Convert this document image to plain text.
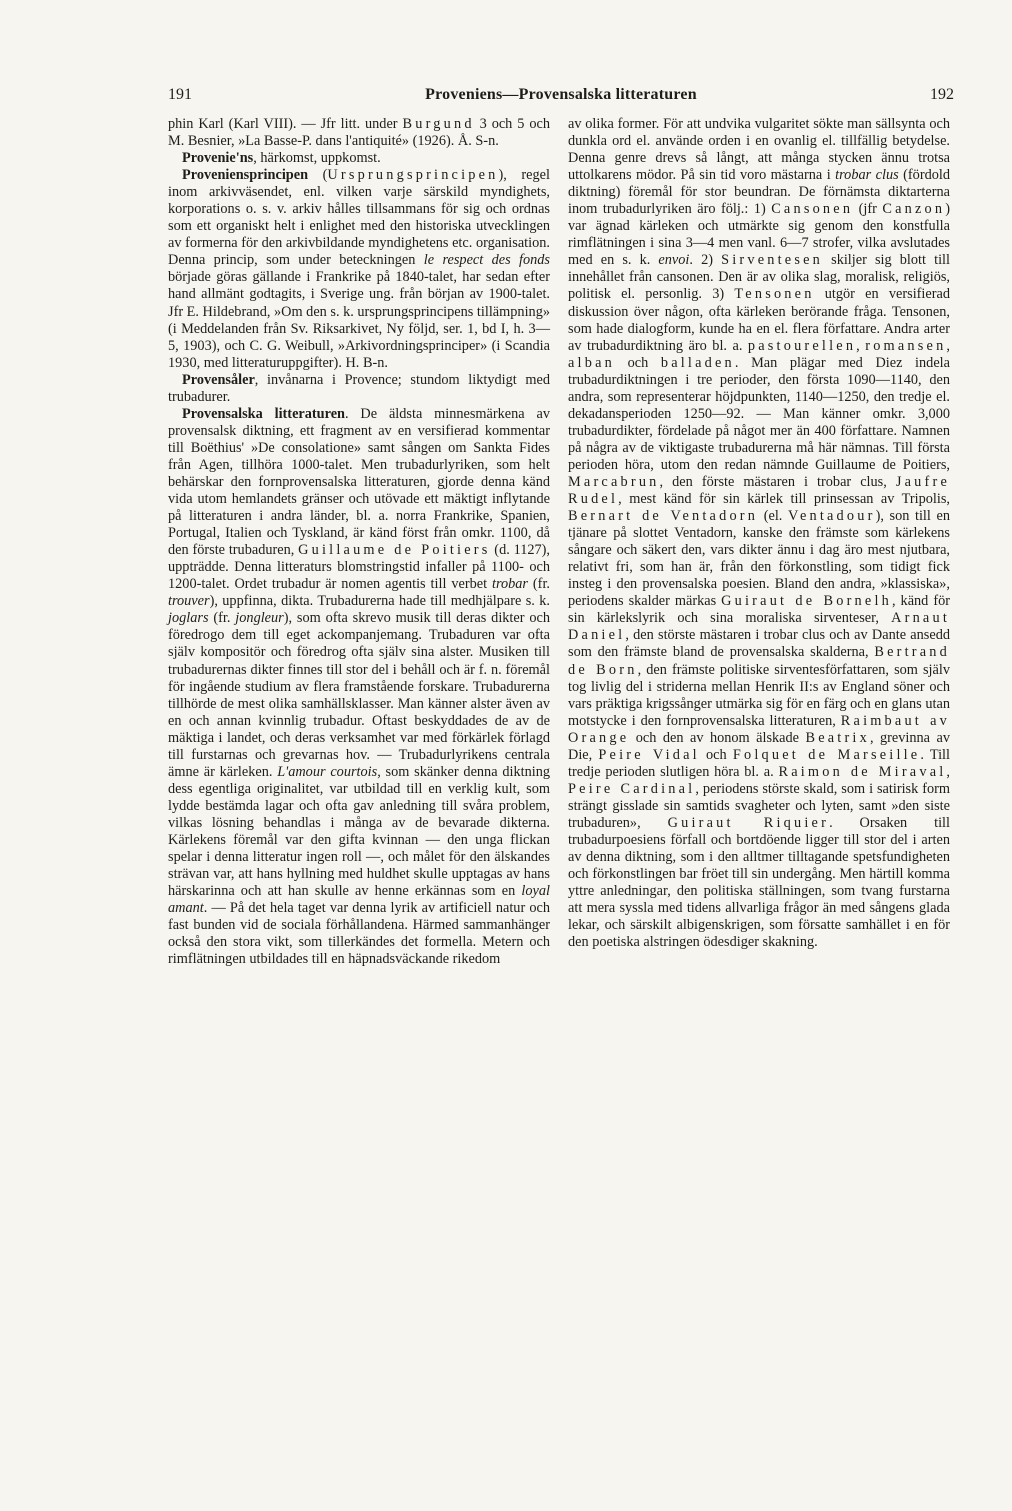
191	Proveniens—Provensalska litteraturen	192

phin Karl (Karl VIII). — Jfr litt. under Burgund 3 och 5 och M. Besnier, »La Basse-P. dans l'antiquité» (1926). Å. S-n.

Provenie'ns, härkomst, uppkomst.

Proveniensprincipen (Ursprungsprincipen), regel inom arkivväsendet, enl. vilken varje särskild myndighets, korporations o. s. v. arkiv hålles tillsammans för sig och ordnas som ett organiskt helt i enlighet med den historiska utvecklingen av formerna för den arkivbildande myndighetens etc. organisation. Denna princip, som under beteckningen le respect des fonds började göras gällande i Frankrike på 1840-talet, har sedan efter hand allmänt godtagits, i Sverige ung. från början av 1900-talet. Jfr E. Hildebrand, »Om den s. k. ursprungsprincipens tillämpning» (i Meddelanden från Sv. Riksarkivet, Ny följd, ser. 1, bd I, h. 3—5, 1903), och C. G. Weibull, »Arkivordningsprinciper» (i Scandia 1930, med litteraturuppgifter). H. B-n.

Provensåler, invånarna i Provence; stundom liktydigt med trubadurer.

Provensalska litteraturen. De äldsta minnesmärkena av provensalsk diktning, ett fragment av en versifierad kommentar till Boëthius' »De consolatione» samt sången om Sankta Fides från Agen, tillhöra 1000-talet. Men trubadurlyriken, som helt behärskar den fornprovensalska litteraturen, gjorde denna känd vida utom hemlandets gränser och utövade ett mäktigt inflytande på litteraturen i andra länder, bl. a. norra Frankrike, Spanien, Portugal, Italien och Tyskland, är känd först från omkr. 1100, då den förste trubaduren, Guillaume de Poitiers (d. 1127), uppträdde. Denna litteraturs blomstringstid infaller på 1100- och 1200-talet. Ordet trubadur är nomen agentis till verbet trobar (fr. trouver), uppfinna, dikta. Trubadurerna hade till medhjälpare s. k. joglars (fr. jongleur), som ofta skrevo musik till deras dikter och föredrogo dem till eget ackompanjemang. Trubaduren var ofta själv kompositör och föredrog ofta själv sina alster. Musiken till trubadurernas dikter finnes till stor del i behåll och är f. n. föremål för ingående studium av flera framstående forskare. Trubadurerna tillhörde de mest olika samhällsklasser. Man känner alster även av en och annan kvinnlig trubadur. Oftast beskyddades de av de mäktiga i landet, och deras verksamhet var med förkärlek förlagd till furstarnas och grevarnas hov. — Trubadurlyrikens centrala ämne är kärleken. L'amour courtois, som skänker denna diktning dess egentliga originalitet, var utbildad till en verklig kult, som lydde bestämda lagar och ofta gav anledning till svåra problem, vilkas lösning behandlas i många av de bevarade dikterna. Kärlekens föremål var den gifta kvinnan — den unga flickan spelar i denna litteratur ingen roll —, och målet för den älskandes strävan var, att hans hyllning med huldhet skulle upptagas av hans härskarinna och att han skulle av henne erkännas som en loyal amant. — På det hela taget var denna lyrik av artificiell natur och fast bunden vid de sociala förhållandena. Härmed sammanhänger också den stora vikt, som tillerkändes det formella. Metern och rimflätningen utbildades till en häpnadsväckande rikedom

av olika former. För att undvika vulgaritet sökte man sällsynta och dunkla ord el. använde orden i en ovanlig el. tillfällig betydelse. Denna genre drevs så långt, att många stycken ännu trotsa uttolkarens mödor. På sin tid voro mästarna i trobar clus (fördold diktning) föremål för stor beundran. De förnämsta diktarterna inom trubadurlyriken äro följ.: 1) Cansonen (jfr Canzon) var ägnad kärleken och utmärkte sig genom den konstfulla rimflätningen i sina 3—4 men vanl. 6—7 strofer, vilka avslutades med en s. k. envoi. 2) Sirventesen skiljer sig blott till innehållet från cansonen. Den är av olika slag, moralisk, religiös, politisk el. personlig. 3) Tensonen utgör en versifierad diskussion över någon, ofta kärleken berörande fråga. Tensonen, som hade dialogform, kunde ha en el. flera författare. Andra arter av trubadurdiktning äro bl. a. pastourellen, romansen, alban och balladen. Man plägar med Diez indela trubadurdiktningen i tre perioder, den första 1090—1140, den andra, som representerar höjdpunkten, 1140—1250, den tredje el. dekadansperioden 1250—92. — Man känner omkr. 3,000 trubadurdikter, fördelade på något mer än 400 författare. Namnen på några av de viktigaste trubadurerna må här nämnas. Till första perioden höra, utom den redan nämnde Guillaume de Poitiers, Marcabrun, den förste mästaren i trobar clus, Jaufre Rudel, mest känd för sin kärlek till prinsessan av Tripolis, Bernart de Ventadorn (el. Ventadour), son till en tjänare på slottet Ventadorn, kanske den främste som kärlekens sångare och säkert den, vars dikter ännu i dag äro mest njutbara, relativt fri, som han är, från den förkonstling, som tidigt fick insteg i den provensalska poesien. Bland den andra, »klassiska», periodens skalder märkas Guiraut de Bornelh, känd för sin kärlekslyrik och sina moraliska sirventeser, Arnaut Daniel, den störste mästaren i trobar clus och av Dante ansedd som den främste bland de provensalska skalderna, Bertrand de Born, den främste politiske sirventesförfattaren, som själv tog livlig del i striderna mellan Henrik II:s av England söner och vars präktiga krigssånger utmärka sig för en färg och en glans utan motstycke i den fornprovensalska litteraturen, Raimbaut av Orange och den av honom älskade Beatrix, grevinna av Die, Peire Vidal och Folquet de Marseille. Till tredje perioden slutligen höra bl. a. Raimon de Miraval, Peire Cardinal, periodens störste skald, som i satirisk form strängt gisslade sin samtids svagheter och lyten, samt »den siste trubaduren», Guiraut Riquier. Orsaken till trubadurpoesiens förfall och bortdöende ligger till stor del i arten av denna diktning, som i den alltmer tilltagande spetsfundigheten och förkonstlingen bar fröet till sin undergång. Men härtill komma yttre anledningar, den politiska ställningen, som tvang furstarna att mera syssla med tidens allvarliga frågor än med sångens glada lekar, och särskilt albigenskrigen, som försatte samhället i en för den poetiska alstringen ödesdiger skakning.
